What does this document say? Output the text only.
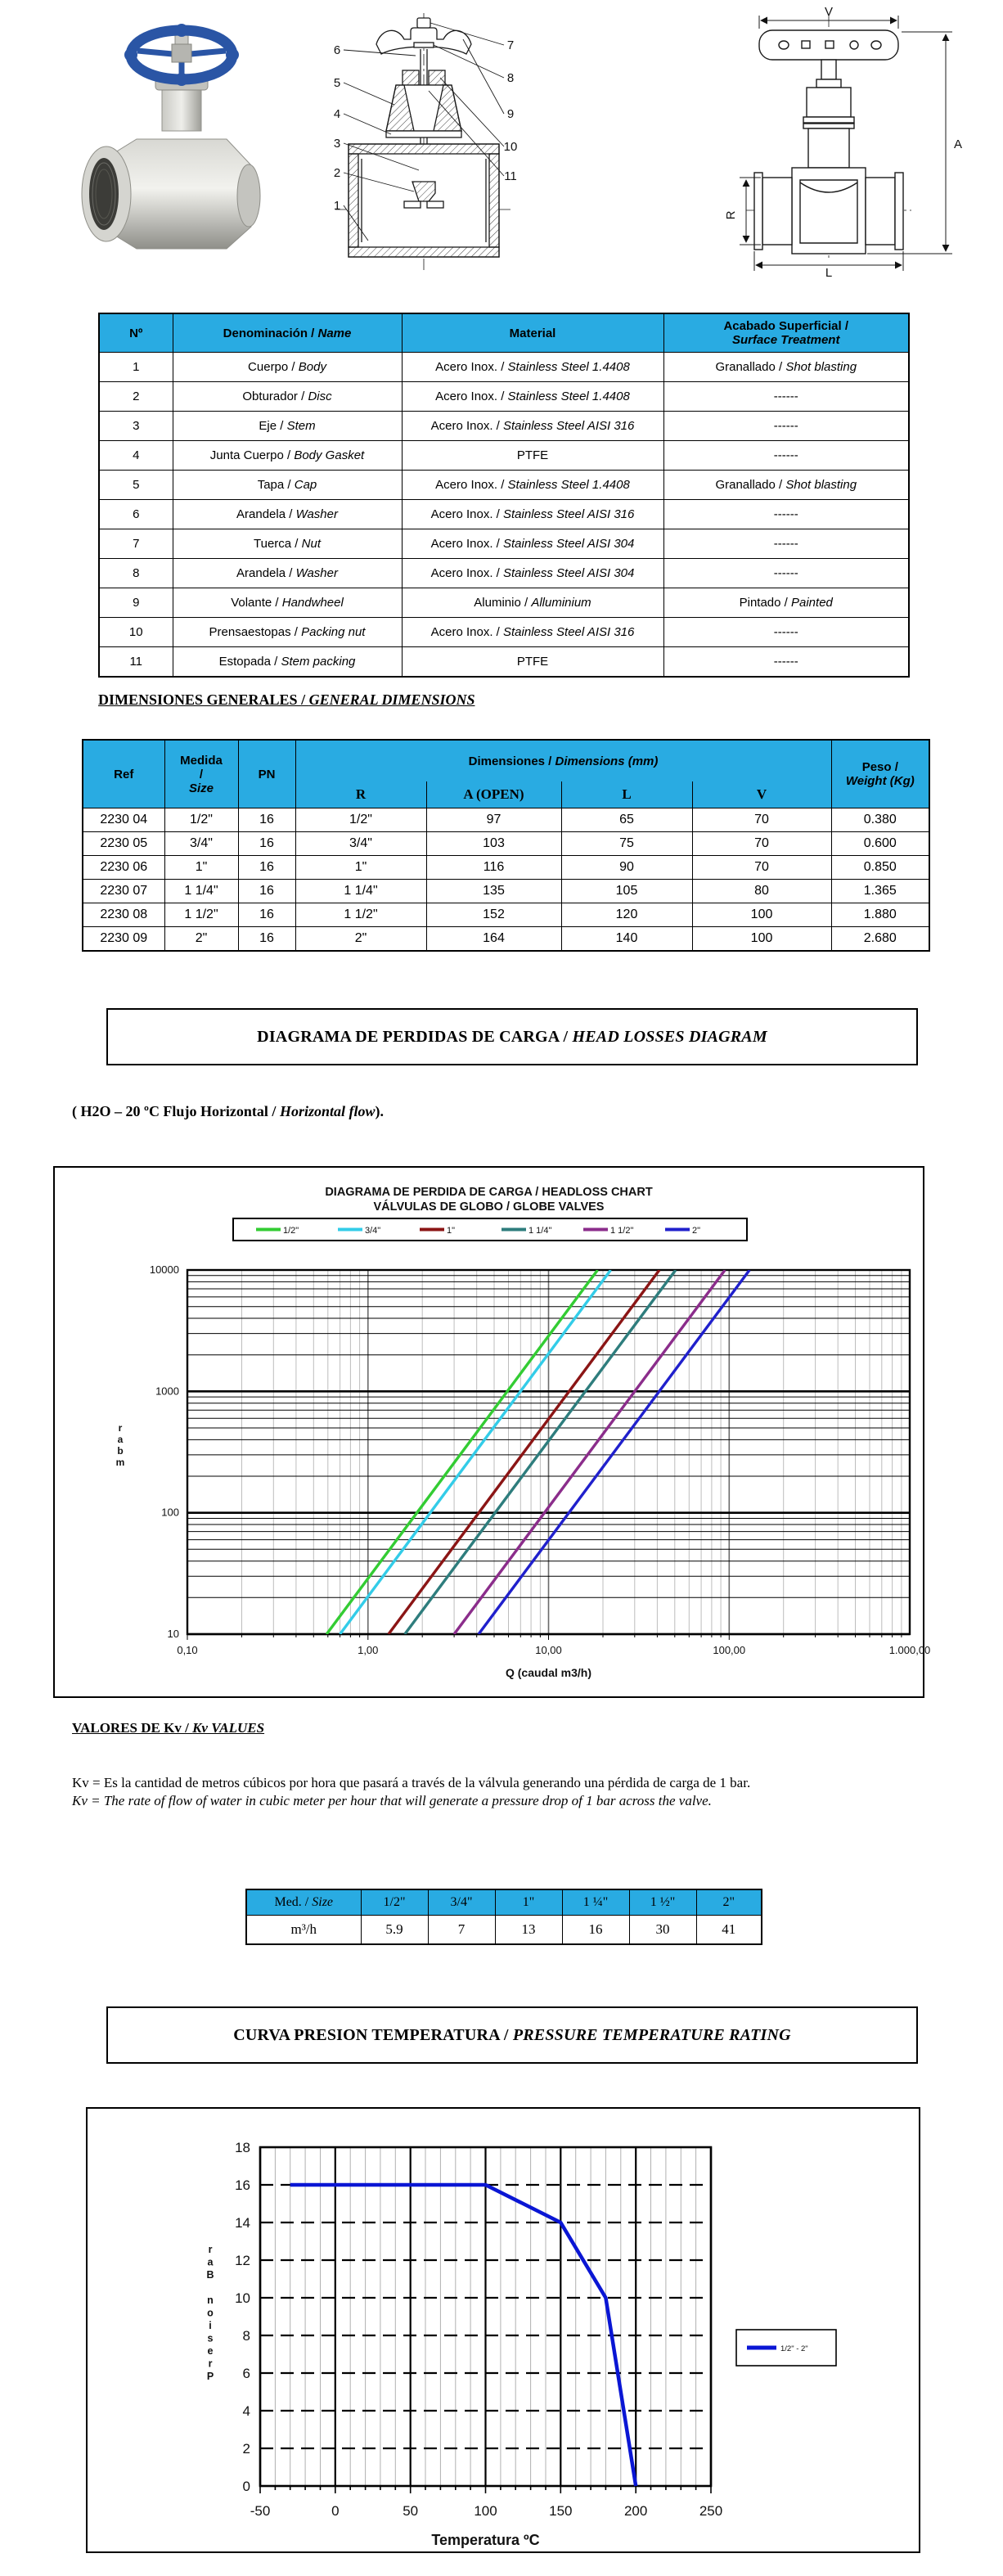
6
5
4
3
2
1
7
8
9
10
11
V
A
R
L
Nº	Denominación / Name	Material	Acabado Superficial /
Surface Treatment
1	Cuerpo / Body	Acero Inox. / Stainless Steel 1.4408	Granallado / Shot blasting
2	Obturador / Disc	Acero Inox. / Stainless Steel 1.4408	------
3	Eje / Stem	Acero Inox. / Stainless Steel AISI 316	------
4	Junta Cuerpo / Body Gasket	PTFE	------
5	Tapa / Cap	Acero Inox. / Stainless Steel 1.4408	Granallado / Shot blasting
6	Arandela / Washer	Acero Inox. / Stainless Steel AISI 316	------
7	Tuerca / Nut	Acero Inox. / Stainless Steel AISI 304	------
8	Arandela / Washer	Acero Inox. / Stainless Steel AISI 304	------
9	Volante / Handwheel	Aluminio / Alluminium	Pintado / Painted
10	Prensaestopas / Packing nut	Acero Inox. / Stainless Steel AISI 316	------
11	Estopada / Stem packing	PTFE	------
DIMENSIONES GENERALES / GENERAL DIMENSIONS
Ref	Medida
/
Size	PN	Dimensiones / Dimensions (mm)				Peso /
Weight (Kg)
			R	A (OPEN)	L	V	
2230 04	1/2"	16	1/2"	97	65	70	0.380
2230 05	3/4"	16	3/4"	103	75	70	0.600
2230 06	1"	16	1"	116	90	70	0.850
2230 07	1 1/4"	16	1 1/4"	135	105	80	1.365
2230 08	1 1/2"	16	1 1/2"	152	120	100	1.880
2230 09	2"	16	2"	164	140	100	2.680
DIAGRAMA DE PERDIDAS DE CARGA /
HEAD LOSSES DIAGRAM
( H2O – 20 ºC Flujo Horizontal / Horizontal flow).
0,10	1,00	10,00	100,00	1.000,00
10
100
1000
10000
Q (caudal m3/h)
r
a
b
m
DIAGRAMA DE PERDIDA DE CARGA / HEADLOSS CHART
VÁLVULAS DE GLOBO / GLOBE VALVES
1/2"	3/4"	1"	1 1/4"	1 1/2"	2"
VALORES DE Kv / Kv VALUES
Kv = Es la cantidad de metros cúbicos por hora que pasará a través de la válvula generando una pérdida de carga de 1 bar.
Kv = The rate of flow of water in cubic meter per hour that will generate a pressure drop of 1 bar across the valve.
Med. / Size	1/2"	3/4"	1"	1 ¼"	1 ½"	2"
m³/h	5.9	7	13	16	30	41
CURVA PRESION TEMPERATURA /
PRESSURE TEMPERATURE RATING
-50	0	50	100	150	200	250
0
2
4
6
8
10
12
14
16
18
Temperatura ºC
r
a
B
n
o
i
s
e
r
P
1/2" - 2"
